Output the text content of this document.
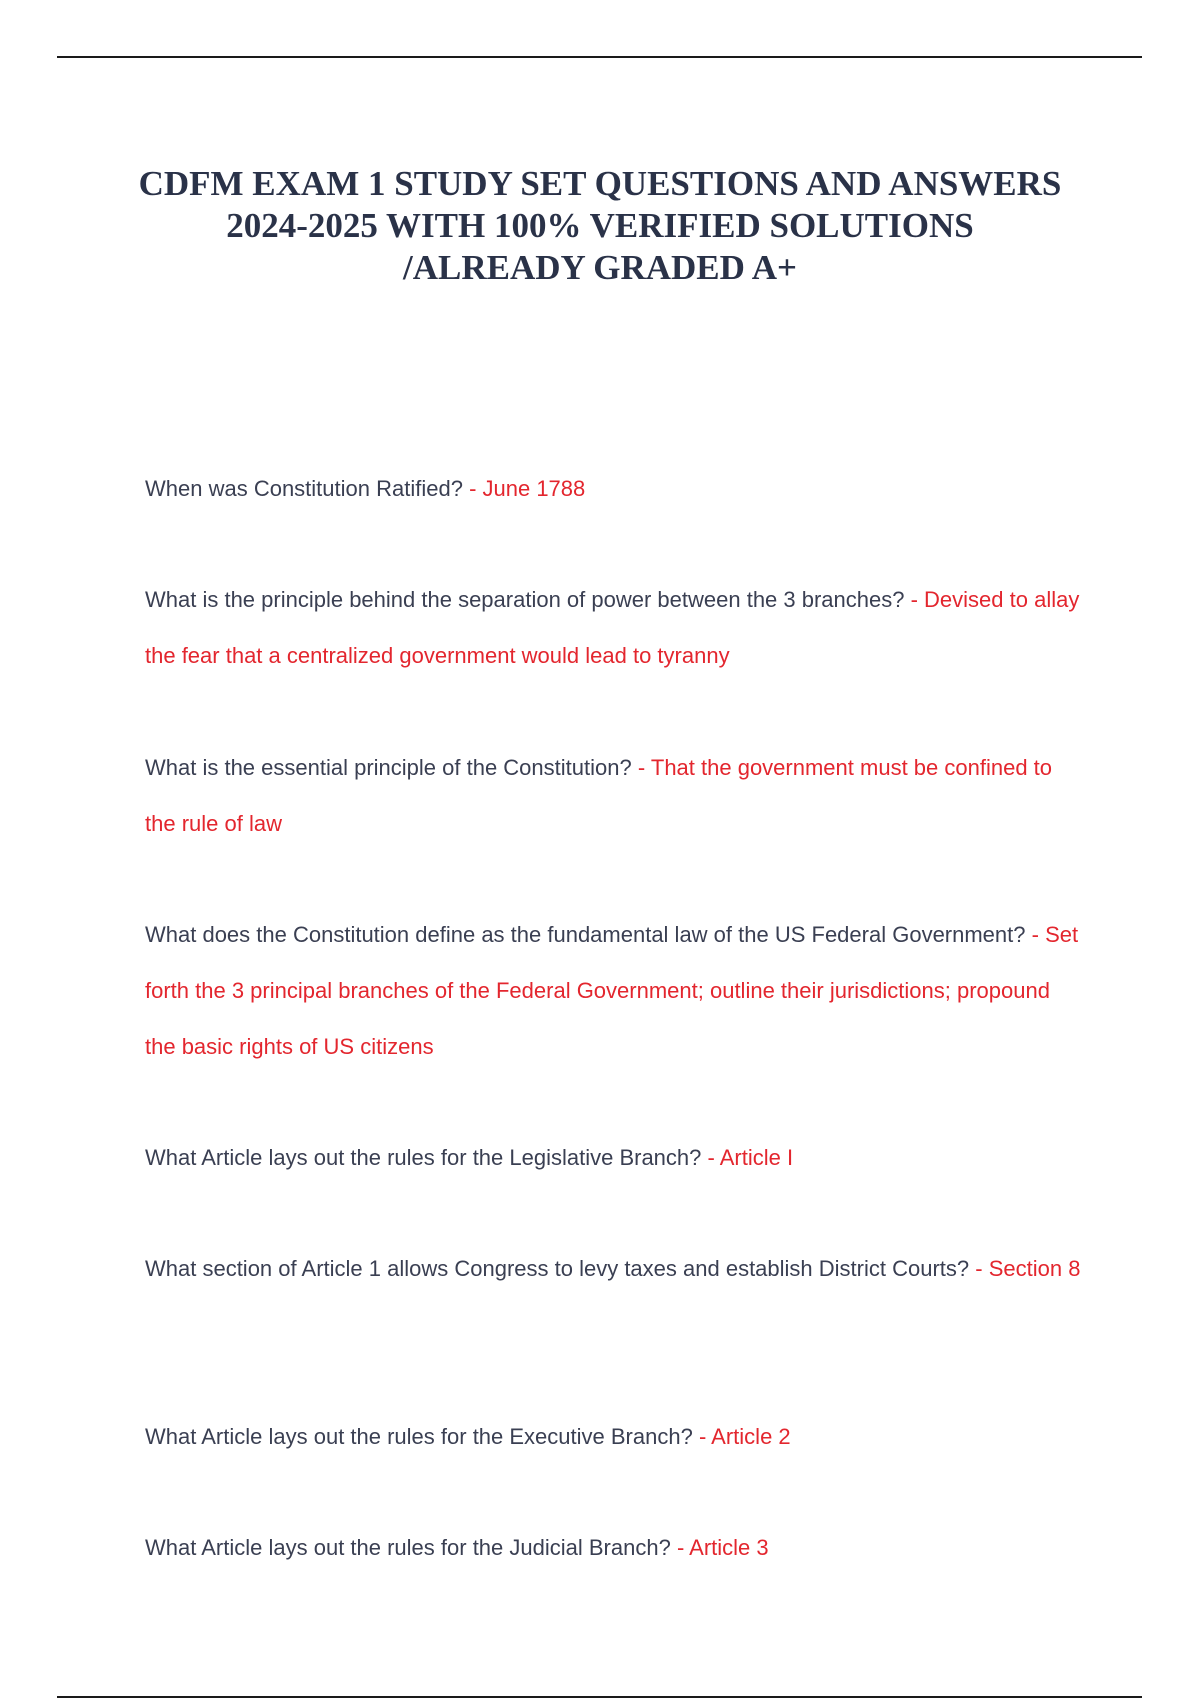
CDFM EXAM 1 STUDY SET QUESTIONS AND ANSWERS
2024-2025 WITH 100% VERIFIED SOLUTIONS
/ALREADY GRADED A+

When was Constitution Ratified? - June 1788

What is the principle behind the separation of power between the 3 branches? - Devised to allay the fear that a centralized government would lead to tyranny

What is the essential principle of the Constitution? - That the government must be confined to the rule of law

What does the Constitution define as the fundamental law of the US Federal Government? - Set forth the 3 principal branches of the Federal Government; outline their jurisdictions; propound the basic rights of US citizens

What Article lays out the rules for the Legislative Branch? - Article I

What section of Article 1 allows Congress to levy taxes and establish District Courts? - Section 8

What Article lays out the rules for the Executive Branch? - Article 2

What Article lays out the rules for the Judicial Branch? - Article 3
